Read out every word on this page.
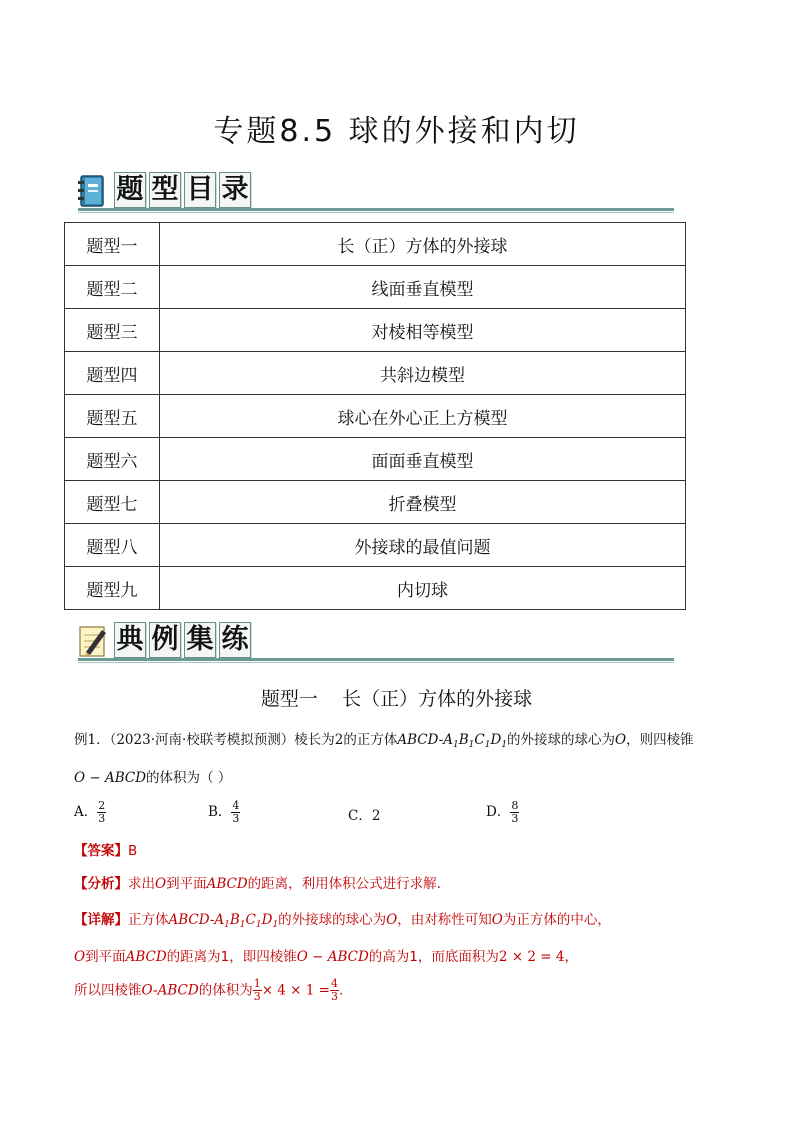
专题8.5 球的外接和内切
题 型 目 录
题型一	长（正）方体的外接球
题型二	线面垂直模型
题型三	对棱相等模型
题型四	共斜边模型
题型五	球心在外心正上方模型
题型六	面面垂直模型
题型七	折叠模型
题型八	外接球的最值问题
题型九	内切球
典 例 集 练
题型一    长（正）方体的外接球
例1．（2023·河南·校联考模拟预测）棱长为2的正方体ABCD-$A_1B_1C_1D_1$的外接球的球心为O，则四棱锥
O − ABCD的体积为（ ）
A． $\frac{2}{3}$	B． $\frac{4}{3}$	C．2	D． $\frac{8}{3}$
【答案】B
【分析】求出O到平面ABCD的距离，利用体积公式进行求解.
【详解】正方体ABCD-$A_1B_1C_1D_1$的外接球的球心为O，由对称性可知O为正方体的中心，
O到平面ABCD的距离为1，即四棱锥O − ABCD的高为1，而底面积为2 × 2 = 4，
所以四棱锥O-ABCD的体积为 $\frac{1}{3} \times 4 \times 1 = \frac{4}{3}$ .
